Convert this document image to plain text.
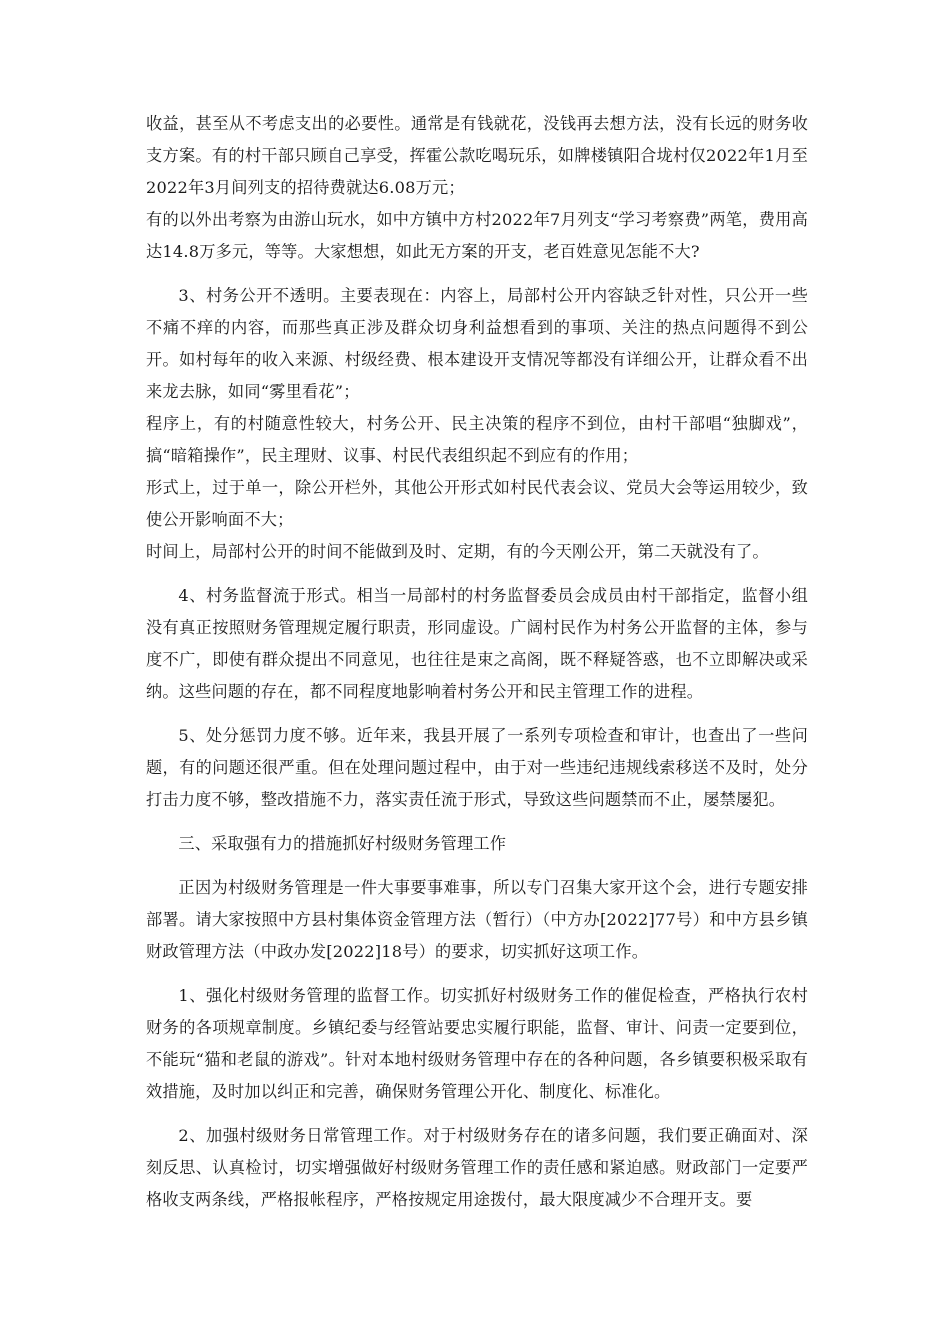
收益，甚至从不考虑支出的必要性。通常是有钱就花，没钱再去想方法，没有长远的财务收支方案。有的村干部只顾自己享受，挥霍公款吃喝玩乐，如牌楼镇阳合垅村仅2022年1月至2022年3月间列支的招待费就达6.08万元；

有的以外出考察为由游山玩水，如中方镇中方村2022年7月列支“学习考察费”两笔，费用高达14.8万多元，等等。大家想想，如此无方案的开支，老百姓意见怎能不大?

3、村务公开不透明。主要表现在：内容上，局部村公开内容缺乏针对性，只公开一些不痛不痒的内容，而那些真正涉及群众切身利益想看到的事项、关注的热点问题得不到公开。如村每年的收入来源、村级经费、根本建设开支情况等都没有详细公开，让群众看不出来龙去脉，如同“雾里看花”；

程序上，有的村随意性较大，村务公开、民主决策的程序不到位，由村干部唱“独脚戏”，搞“暗箱操作”，民主理财、议事、村民代表组织起不到应有的作用；

形式上，过于单一，除公开栏外，其他公开形式如村民代表会议、党员大会等运用较少，致使公开影响面不大；

时间上，局部村公开的时间不能做到及时、定期，有的今天刚公开，第二天就没有了。

4、村务监督流于形式。相当一局部村的村务监督委员会成员由村干部指定，监督小组没有真正按照财务管理规定履行职责，形同虚设。广阔村民作为村务公开监督的主体，参与度不广，即使有群众提出不同意见，也往往是束之高阁，既不释疑答惑，也不立即解决或采纳。这些问题的存在，都不同程度地影响着村务公开和民主管理工作的进程。

5、处分惩罚力度不够。近年来，我县开展了一系列专项检查和审计，也查出了一些问题，有的问题还很严重。但在处理问题过程中，由于对一些违纪违规线索移送不及时，处分打击力度不够，整改措施不力，落实责任流于形式，导致这些问题禁而不止，屡禁屡犯。

三、采取强有力的措施抓好村级财务管理工作

正因为村级财务管理是一件大事要事难事，所以专门召集大家开这个会，进行专题安排部署。请大家按照中方县村集体资金管理方法（暂行）（中方办[2022]77号）和中方县乡镇财政管理方法（中政办发[2022]18号）的要求，切实抓好这项工作。

1、强化村级财务管理的监督工作。切实抓好村级财务工作的催促检查，严格执行农村财务的各项规章制度。乡镇纪委与经管站要忠实履行职能，监督、审计、问责一定要到位，不能玩“猫和老鼠的游戏”。针对本地村级财务管理中存在的各种问题，各乡镇要积极采取有效措施，及时加以纠正和完善，确保财务管理公开化、制度化、标准化。

2、加强村级财务日常管理工作。对于村级财务存在的诸多问题，我们要正确面对、深刻反思、认真检讨，切实增强做好村级财务管理工作的责任感和紧迫感。财政部门一定要严格收支两条线，严格报帐程序，严格按规定用途拨付，最大限度减少不合理开支。要
